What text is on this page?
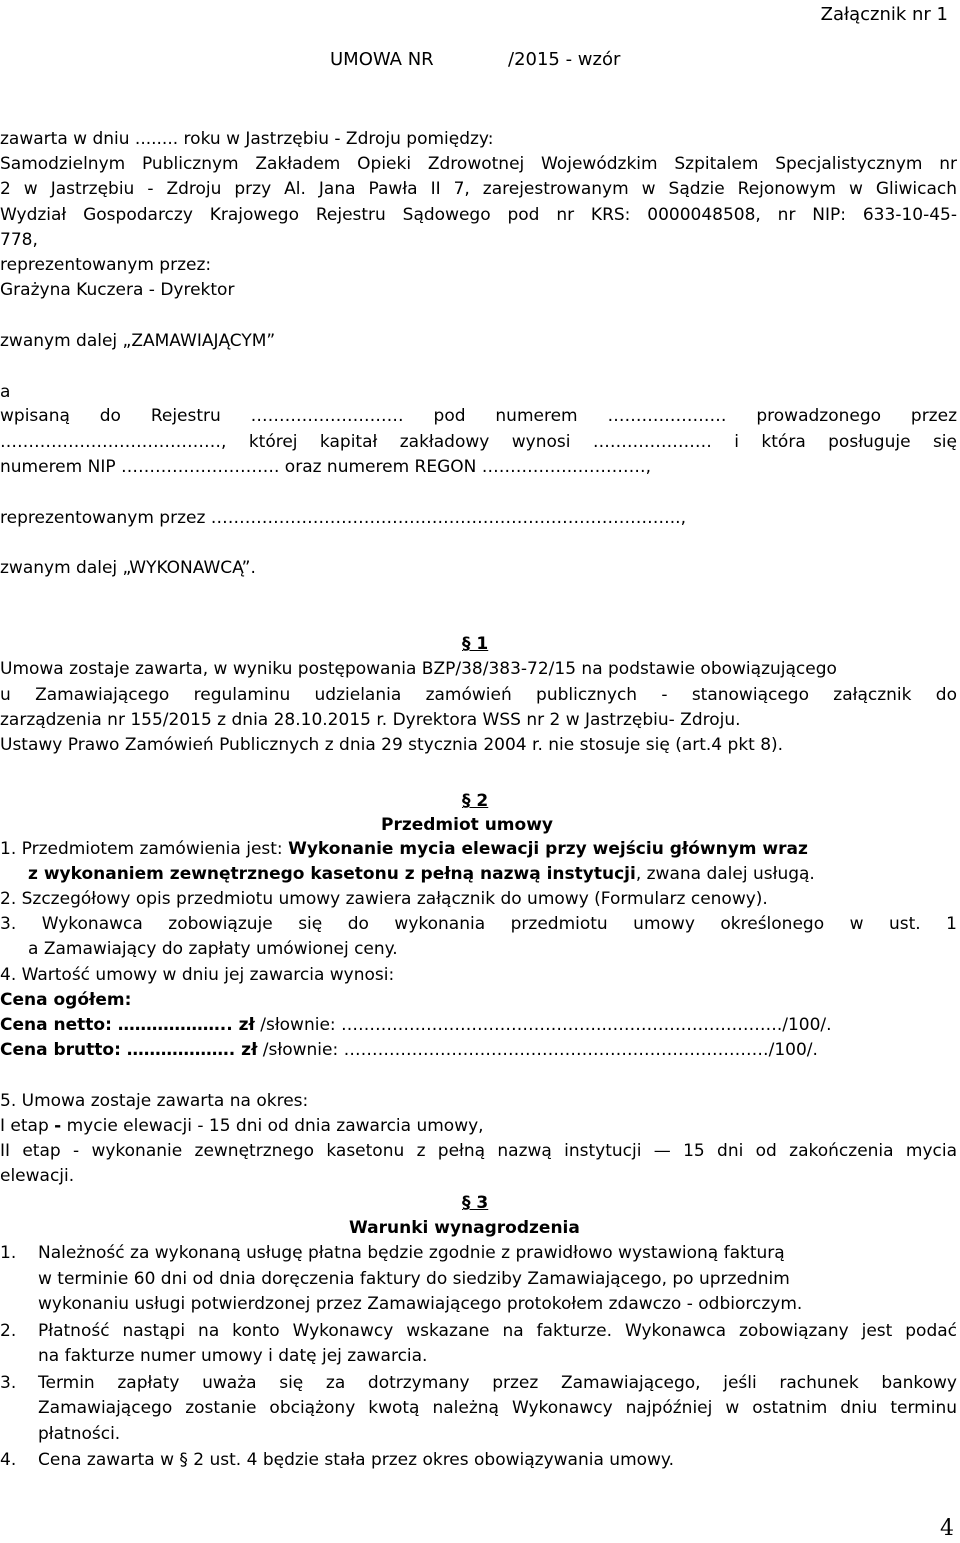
Załącznik nr 1
UMOWA NR	/2015 - wzór
zawarta w dniu ........ roku w Jastrzębiu - Zdroju pomiędzy:
Samodzielnym Publicznym Zakładem Opieki Zdrowotnej Wojewódzkim Szpitalem Specjalistycznym nr
2 w Jastrzębiu - Zdroju przy Al. Jana Pawła II 7, zarejestrowanym w Sądzie Rejonowym w Gliwicach
Wydział Gospodarczy Krajowego Rejestru Sądowego pod nr KRS: 0000048508, nr NIP: 633-10-45-
778,
reprezentowanym przez:
Grażyna Kuczera - Dyrektor
zwanym dalej „ZAMAWIAJĄCYM”
a
wpisaną do Rejestru ……………………… pod numerem ………………… prowadzonego przez
…………………………………, której kapitał zakładowy wynosi ………………… i która posługuje się
numerem NIP ………………………. oraz numerem REGON ……………..…………,
reprezentowanym przez ………………………………………………………………………..,
zwanym dalej „WYKONAWCĄ”.
§ 1
Umowa zostaje zawarta, w wyniku postępowania BZP/38/383-72/15 na podstawie obowiązującego
u Zamawiającego regulaminu udzielania zamówień publicznych - stanowiącego załącznik do
zarządzenia nr 155/2015 z dnia 28.10.2015 r. Dyrektora WSS nr 2 w Jastrzębiu- Zdroju.
Ustawy Prawo Zamówień Publicznych z dnia 29 stycznia 2004 r. nie stosuje się (art.4 pkt 8).
§ 2
Przedmiot umowy
1. Przedmiotem zamówienia jest: Wykonanie mycia elewacji przy wejściu głównym wraz
z wykonaniem zewnętrznego kasetonu z pełną nazwą instytucji, zwana dalej usługą.
2. Szczegółowy opis przedmiotu umowy zawiera załącznik do umowy (Formularz cenowy).
3. Wykonawca zobowiązuje się do wykonania przedmiotu umowy określonego w ust. 1
a Zamawiający do zapłaty umówionej ceny.
4. Wartość umowy w dniu jej zawarcia wynosi:
Cena ogółem:
Cena netto: ……………….. zł /słownie: ………………………………………..…………………………./100/.
Cena brutto: ………………. zł /słownie: …………………………………………………………………/100/.
5. Umowa zostaje zawarta na okres:
I etap - mycie elewacji - 15 dni od dnia zawarcia umowy,
II etap - wykonanie zewnętrznego kasetonu z pełną nazwą instytucji — 15 dni od zakończenia mycia
elewacji.
§ 3
Warunki wynagrodzenia
1. Należność za wykonaną usługę płatna będzie zgodnie z prawidłowo wystawioną fakturą
w terminie 60 dni od dnia doręczenia faktury do siedziby Zamawiającego, po uprzednim
wykonaniu usługi potwierdzonej przez Zamawiającego protokołem zdawczo - odbiorczym.
2. Płatność nastąpi na konto Wykonawcy wskazane na fakturze. Wykonawca zobowiązany jest podać
na fakturze numer umowy i datę jej zawarcia.
3. Termin zapłaty uważa się za dotrzymany przez Zamawiającego, jeśli rachunek bankowy
Zamawiającego zostanie obciążony kwotą należną Wykonawcy najpóźniej w ostatnim dniu terminu
płatności.
4. Cena zawarta w § 2 ust. 4 będzie stała przez okres obowiązywania umowy.
4
